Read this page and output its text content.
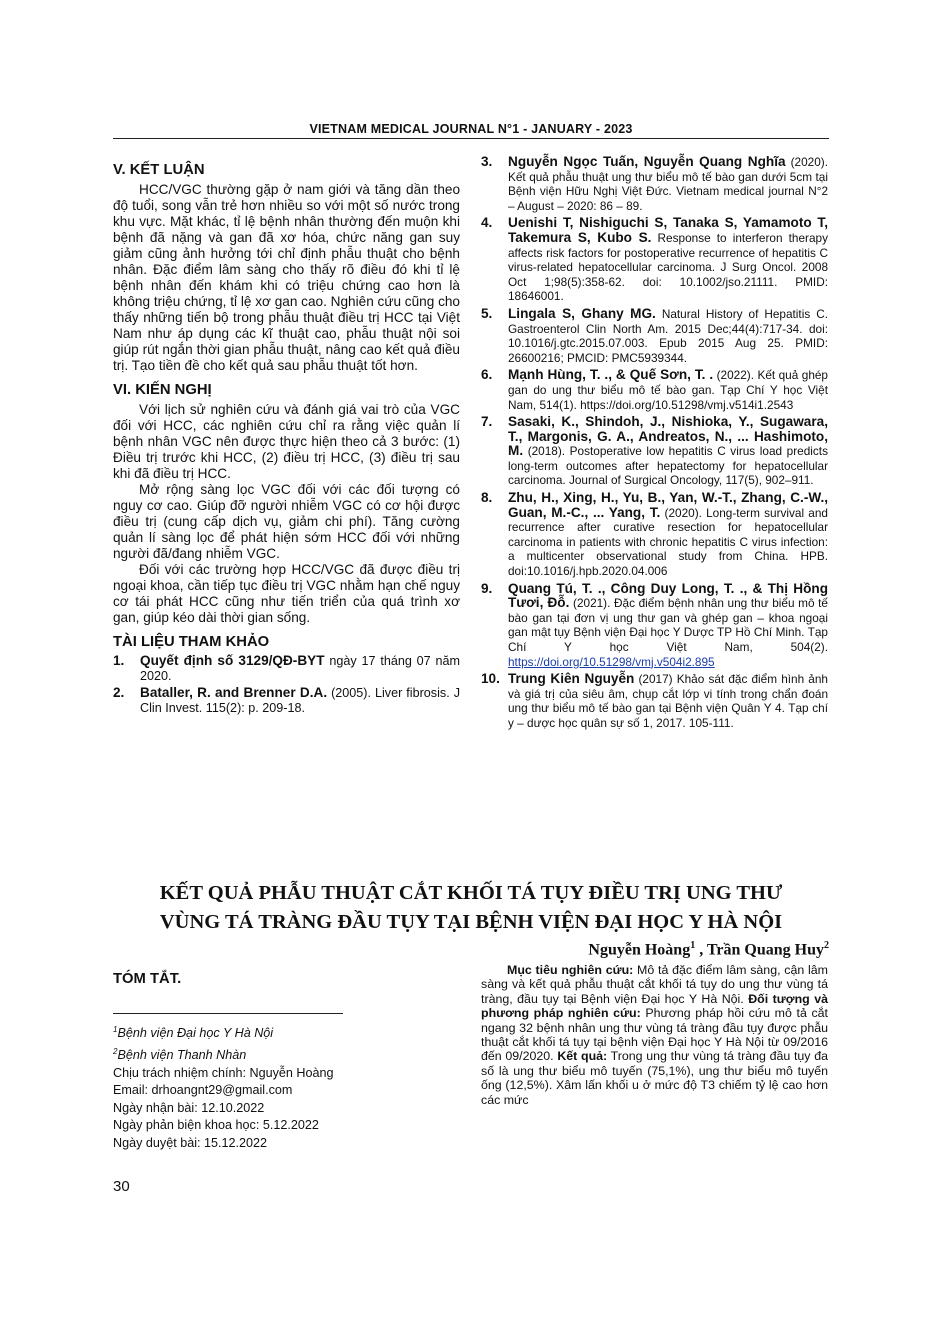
VIETNAM MEDICAL JOURNAL N°1 - JANUARY - 2023
V. KẾT LUẬN

HCC/VGC thường gặp ở nam giới và tăng dần theo độ tuổi, song vẫn trẻ hơn nhiều so với một số nước trong khu vực. Mặt khác, tỉ lệ bệnh nhân thường đến muộn khi bệnh đã nặng và gan đã xơ hóa, chức năng gan suy giảm cũng ảnh hưởng tới chỉ định phẫu thuật cho bệnh nhân. Đặc điểm lâm sàng cho thấy rõ điều đó khi tỉ lệ bệnh nhân đến khám khi có triệu chứng cao hơn là không triệu chứng, tỉ lệ xơ gan cao. Nghiên cứu cũng cho thấy những tiến bộ trong phẫu thuật điều trị HCC tại Việt Nam như áp dụng các kĩ thuật cao, phẫu thuật nội soi giúp rút ngắn thời gian phẫu thuật, nâng cao kết quả điều trị. Tạo tiền đề cho kết quả sau phẫu thuật tốt hơn.

VI. KIẾN NGHỊ

Với lịch sử nghiên cứu và đánh giá vai trò của VGC đối với HCC, các nghiên cứu chỉ ra rằng việc quản lí bệnh nhân VGC nên được thực hiện theo cả 3 bước: (1) Điều trị trước khi HCC, (2) điều trị HCC, (3) điều trị sau khi đã điều trị HCC.

Mở rộng sàng lọc VGC đối với các đối tượng có nguy cơ cao. Giúp đỡ người nhiễm VGC có cơ hội được điều trị (cung cấp dịch vụ, giảm chi phí). Tăng cường quản lí sàng lọc để phát hiện sớm HCC đối với những người đã/đang nhiễm VGC.

Đối với các trường hợp HCC/VGC đã được điều trị ngoại khoa, cần tiếp tục điều trị VGC nhằm hạn chế nguy cơ tái phát HCC cũng như tiến triển của quá trình xơ gan, giúp kéo dài thời gian sống.

TÀI LIỆU THAM KHẢO
1. Quyết định số 3129/QĐ-BYT ngày 17 tháng 07 năm 2020.
2. Bataller, R. and Brenner D.A. (2005). Liver fibrosis. J Clin Invest. 115(2): p. 209-18.
3. Nguyễn Ngọc Tuấn, Nguyễn Quang Nghĩa (2020). Kết quả phẫu thuật ung thư biểu mô tế bào gan dưới 5cm tại Bệnh viện Hữu Nghị Việt Đức. Vietnam medical journal N°2 – August – 2020: 86 – 89.
4. Uenishi T, Nishiguchi S, Tanaka S, Yamamoto T, Takemura S, Kubo S. Response to interferon therapy affects risk factors for postoperative recurrence of hepatitis C virus-related hepatocellular carcinoma. J Surg Oncol. 2008 Oct 1;98(5):358-62. doi: 10.1002/jso.21111. PMID: 18646001.
5. Lingala S, Ghany MG. Natural History of Hepatitis C. Gastroenterol Clin North Am. 2015 Dec;44(4):717-34. doi: 10.1016/j.gtc.2015.07.003. Epub 2015 Aug 25. PMID: 26600216; PMCID: PMC5939344.
6. Mạnh Hùng, T. ., & Quế Sơn, T. . (2022). Kết quả ghép gan do ung thư biểu mô tế bào gan. Tạp Chí Y học Việt Nam, 514(1). https://doi.org/10.51298/vmj.v514i1.2543
7. Sasaki, K., Shindoh, J., Nishioka, Y., Sugawara, T., Margonis, G. A., Andreatos, N., ... Hashimoto, M. (2018). Postoperative low hepatitis C virus load predicts long-term outcomes after hepatectomy for hepatocellular carcinoma. Journal of Surgical Oncology, 117(5), 902–911.
8. Zhu, H., Xing, H., Yu, B., Yan, W.-T., Zhang, C.-W., Guan, M.-C., ... Yang, T. (2020). Long-term survival and recurrence after curative resection for hepatocellular carcinoma in patients with chronic hepatitis C virus infection: a multicenter observational study from China. HPB. doi:10.1016/j.hpb.2020.04.006
9. Quang Tú, T. ., Công Duy Long, T. ., & Thị Hồng Tươi, Đỗ. (2021). Đặc điểm bệnh nhân ung thư biểu mô tế bào gan tại đơn vị ung thư gan và ghép gan – khoa ngoại gan mật tụy Bệnh viện Đại học Y Dược TP Hồ Chí Minh. Tạp Chí Y học Việt Nam, 504(2). https://doi.org/10.51298/vmj.v504i2.895
10. Trung Kiên Nguyễn (2017) Khảo sát đặc điểm hình ảnh và giá trị của siêu âm, chụp cắt lớp vi tính trong chẩn đoán ung thư biểu mô tế bào gan tại Bệnh viện Quân Y 4. Tạp chí y – dược học quân sự số 1, 2017. 105-111.
KẾT QUẢ PHẪU THUẬT CẮT KHỐI TÁ TỤY ĐIỀU TRỊ UNG THƯ
VÙNG TÁ TRÀNG ĐẦU TỤY TẠI BỆNH VIỆN ĐẠI HỌC Y HÀ NỘI
Nguyễn Hoàng$^1$ , Trần Quang Huy$^2$
TÓM TẮT.
$^1$Bệnh viện Đại học Y Hà Nội
$^2$Bệnh viện Thanh Nhàn
Chịu trách nhiệm chính: Nguyễn Hoàng
Email: drhoangnt29@gmail.com
Ngày nhận bài: 12.10.2022
Ngày phản biện khoa học: 5.12.2022
Ngày duyệt bài: 15.12.2022
Mục tiêu nghiên cứu: Mô tả đặc điểm lâm sàng, cận lâm sàng và kết quả phẫu thuật cắt khối tá tụy do ung thư vùng tá tràng, đầu tụy tại Bệnh viện Đại học Y Hà Nội. Đối tượng và phương pháp nghiên cứu: Phương pháp hồi cứu mô tả cắt ngang 32 bệnh nhân ung thư vùng tá tràng đầu tụy được phẫu thuật cắt khối tá tụy tại bệnh viện Đại học Y Hà Nội từ 09/2016 đến 09/2020. Kết quả: Trong ung thư vùng tá tràng đầu tụy đa số là ung thư biểu mô tuyến (75,1%), ung thư biểu mô tuyến ống (12,5%). Xâm lấn khối u ở mức độ T3 chiếm tỷ lệ cao hơn các mức
30
